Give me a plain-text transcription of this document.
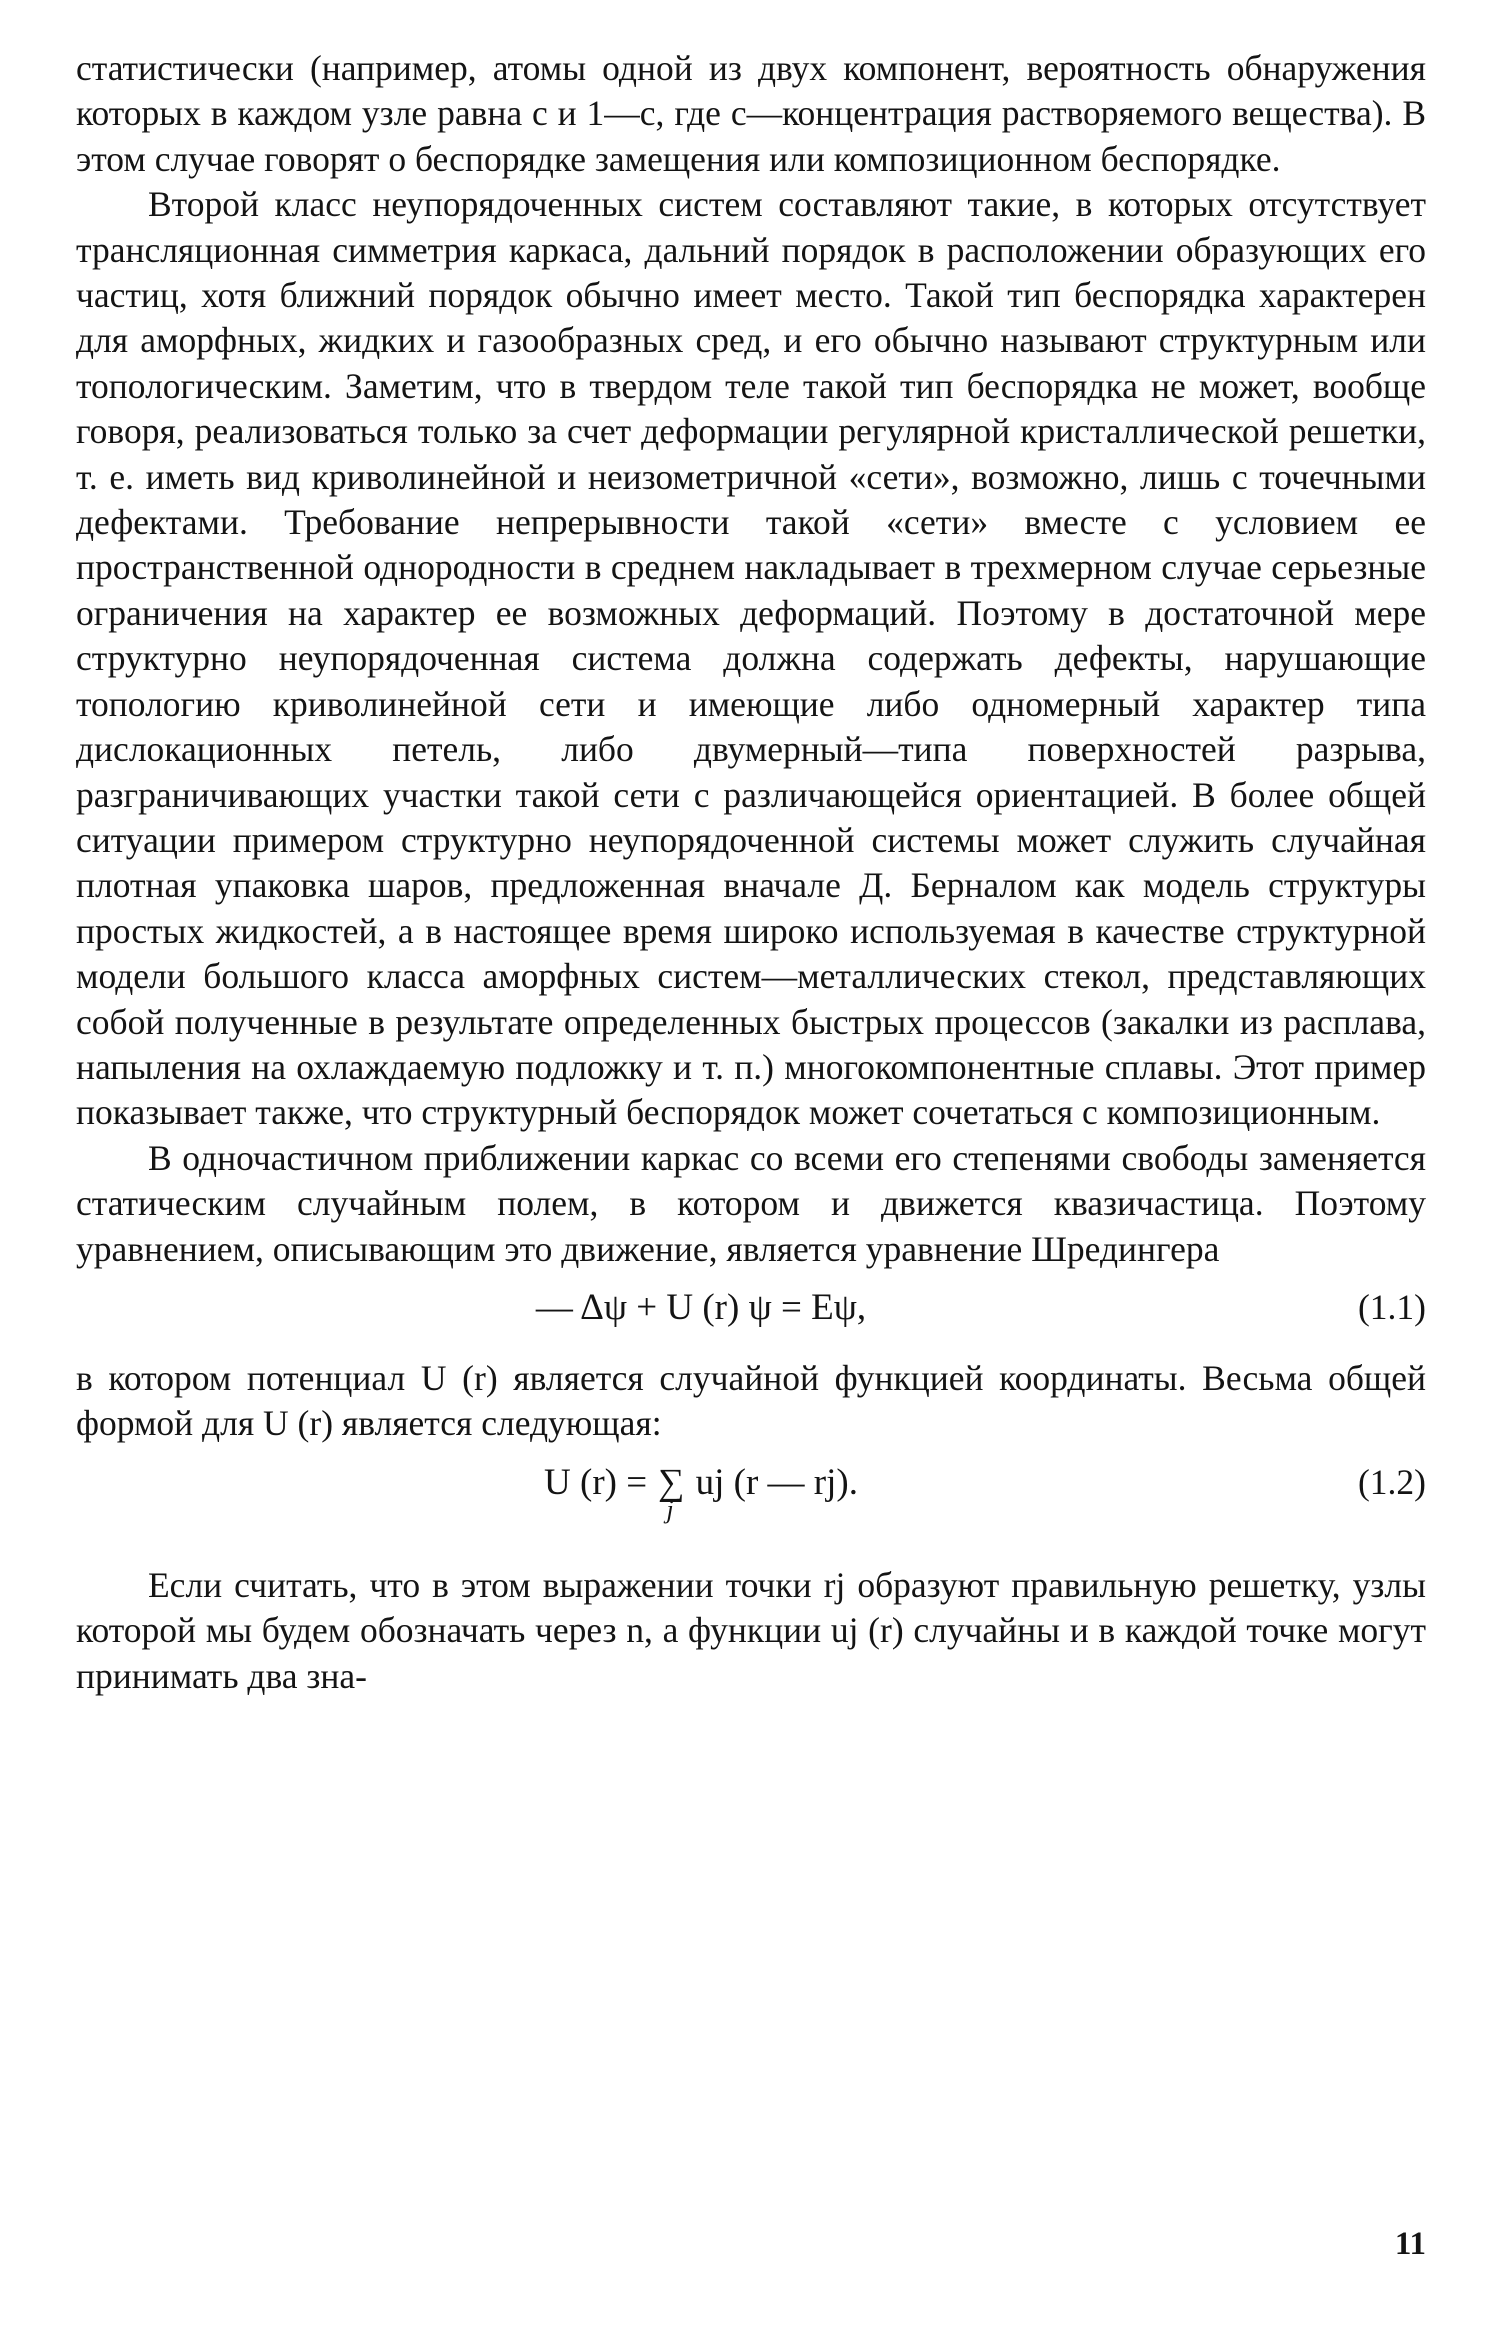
статистически (например, атомы одной из двух компонент, вероятность обнаружения которых в каждом узле равна c и 1—c, где c—концентрация растворяемого вещества). В этом случае говорят о беспорядке замещения или композиционном беспорядке.

Второй класс неупорядоченных систем составляют такие, в которых отсутствует трансляционная симметрия каркаса, дальний порядок в расположении образующих его частиц, хотя ближний порядок обычно имеет место. Такой тип беспорядка характерен для аморфных, жидких и газообразных сред, и его обычно называют структурным или топологическим. Заметим, что в твердом теле такой тип беспорядка не может, вообще говоря, реализоваться только за счет деформации регулярной кристаллической решетки, т. е. иметь вид криволинейной и неизометричной «сети», возможно, лишь с точечными дефектами. Требование непрерывности такой «сети» вместе с условием ее пространственной однородности в среднем накладывает в трехмерном случае серьезные ограничения на характер ее возможных деформаций. Поэтому в достаточной мере структурно неупорядоченная система должна содержать дефекты, нарушающие топологию криволинейной сети и имеющие либо одномерный характер типа дислокационных петель, либо двумерный—типа поверхностей разрыва, разграничивающих участки такой сети с различающейся ориентацией. В более общей ситуации примером структурно неупорядоченной системы может служить случайная плотная упаковка шаров, предложенная вначале Д. Берналом как модель структуры простых жидкостей, а в настоящее время широко используемая в качестве структурной модели большого класса аморфных систем—металлических стекол, представляющих собой полученные в результате определенных быстрых процессов (закалки из расплава, напыления на охлаждаемую подложку и т. п.) многокомпонентные сплавы. Этот пример показывает также, что структурный беспорядок может сочетаться с композиционным.

В одночастичном приближении каркас со всеми его степенями свободы заменяется статическим случайным полем, в котором и движется квазичастица. Поэтому уравнением, описывающим это движение, является уравнение Шредингера

— Δψ + U (r) ψ = Eψ,	(1.1)

в котором потенциал U (r) является случайной функцией координаты. Весьма общей формой для U (r) является следующая:

U (r) = ∑
j
uj (r — rj).	(1.2)

Если считать, что в этом выражении точки rj образуют правильную решетку, узлы которой мы будем обозначать через n, а функции uj (r) случайны и в каждой точке могут принимать два зна-

11
